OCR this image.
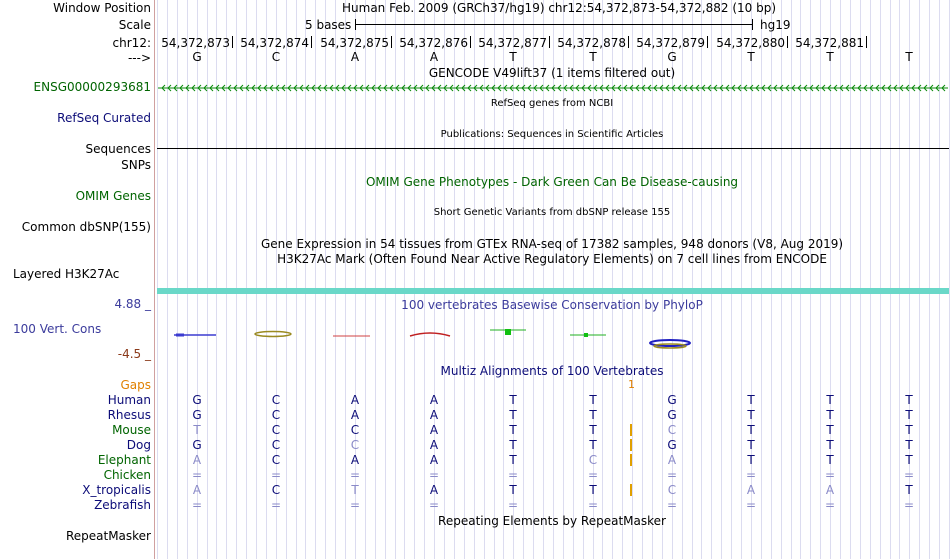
Window Position
Scale
chr12:
--->
ENSG00000293681
RefSeq Curated
Sequences
SNPs
OMIM Genes
Common dbSNP(155)
Layered H3K27Ac
4.88 _
100 Vert. Cons
-4.5 _
Gaps
Human
Rhesus
Mouse
Dog
Elephant
Chicken
X_tropicalis
Zebrafish
RepeatMasker
Human Feb. 2009 (GRCh37/hg19) chr12:54,372,873-54,372,882 (10 bp)
5 bases	hg19
54,372,873 54,372,874 54,372,875 54,372,876 54,372,877 54,372,878 54,372,879 54,372,880 54,372,881
G	C	A	A	T	T	G	T	T	T
GENCODE V49lift37 (1 items filtered out)
RefSeq genes from NCBI
Publications: Sequences in Scientific Articles
OMIM Gene Phenotypes - Dark Green Can Be Disease-causing
Short Genetic Variants from dbSNP release 155
Gene Expression in 54 tissues from GTEx RNA-seq of 17382 samples, 948 donors (V8, Aug 2019)
H3K27Ac Mark (Often Found Near Active Regulatory Elements) on 7 cell lines from ENCODE
100 vertebrates Basewise Conservation by PhyloP
Multiz Alignments of 100 Vertebrates
1
G	C	A	A	T	T	G	T	T	T
G	C	A	A	T	T	G	T	T	T
T	C	C	A	T	T	C	T	T	T
G	C	C	A	T	T	G	T	T	T
A	C	A	A	T	C	A	T	T	T
=	=	=	=	=	=	=	=	=	=
A	C	T	A	T	T	C	A	A	T
=	=	=	=	=	=	=	=	=	=
Repeating Elements by RepeatMasker
